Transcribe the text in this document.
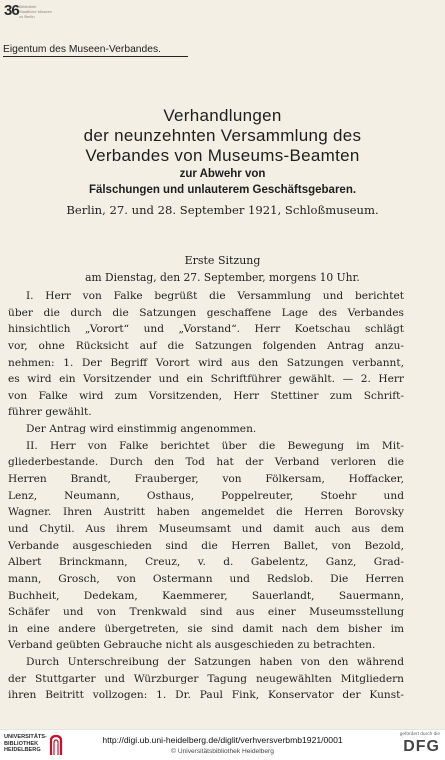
36 Bibliothek
Staatliche Museen
zu Berlin
Eigentum des Museen-Verbandes.
Verhandlungen
der neunzehnten Versammlung des
Verbandes von Museums-Beamten
zur Abwehr von
Fälschungen und unlauterem Geschäftsgebaren.
Berlin, 27. und 28. September 1921, Schloßmuseum.
Erste Sitzung
am Dienstag, den 27. September, morgens 10 Uhr.
I. Herr von Falke begrüßt die Versammlung und berichtet
über die durch die Satzungen geschaffene Lage des Verbandes
hinsichtlich „Vorort“ und „Vorstand“. Herr Koetschau schlägt
vor, ohne Rücksicht auf die Satzungen folgenden Antrag anzu-
nehmen: 1. Der Begriff Vorort wird aus den Satzungen verbannt,
es wird ein Vorsitzender und ein Schriftführer gewählt. — 2. Herr
von Falke wird zum Vorsitzenden, Herr Stettiner zum Schrift-
führer gewählt.
Der Antrag wird einstimmig angenommen.
II. Herr von Falke berichtet über die Bewegung im Mit-
gliederbestande. Durch den Tod hat der Verband verloren die
Herren Brandt, Frauberger, von Fölkersam, Hoffacker,
Lenz, Neumann, Osthaus, Poppelreuter, Stoehr und
Wagner. Ihren Austritt haben angemeldet die Herren Borovsky
und Chytil. Aus ihrem Museumsamt und damit auch aus dem
Verbande ausgeschieden sind die Herren Ballet, von Bezold,
Albert Brinckmann, Creuz, v. d. Gabelentz, Ganz, Grad-
mann, Grosch, von Ostermann und Redslob. Die Herren
Buchheit, Dedekam, Kaemmerer, Sauerlandt, Sauermann,
Schäfer und von Trenkwald sind aus einer Museumsstellung
in eine andere übergetreten, sie sind damit nach dem bisher im
Verband geübten Gebrauche nicht als ausgeschieden zu betrachten.
Durch Unterschreibung der Satzungen haben von den während
der Stuttgarter und Würzburger Tagung neugewählten Mitgliedern
ihren Beitritt vollzogen: 1. Dr. Paul Fink, Konservator der Kunst-
UNIVERSITÄTS-
BIBLIOTHEK
HEIDELBERG
http://digi.ub.uni-heidelberg.de/diglit/verhversverbmb1921/0001
© Universitätsbibliothek Heidelberg
gefördert durch die
DFG
